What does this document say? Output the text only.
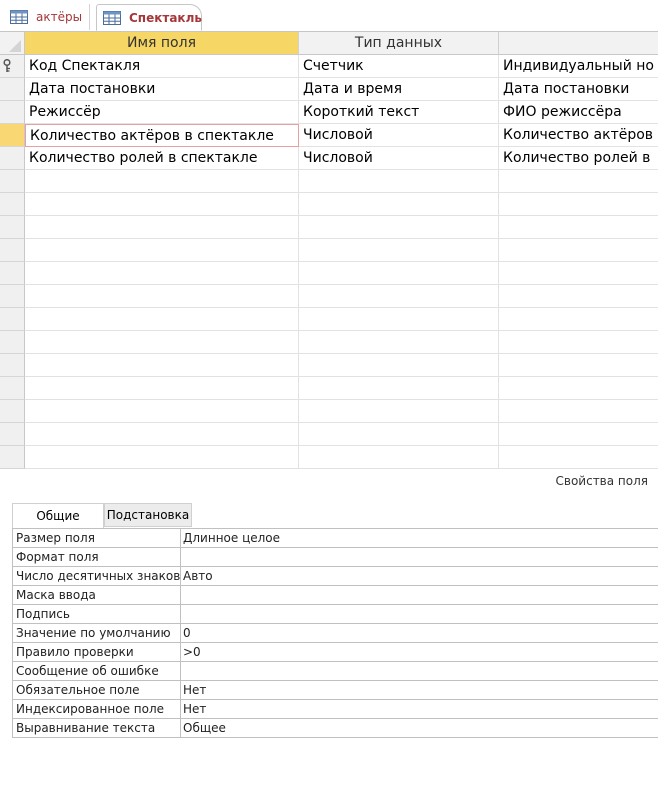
актёры	Спектакль
Имя поля	Тип данных
Код Спектакля	Счетчик	Индивидуальный но
Дата постановки	Дата и время	Дата постановки
Режиссёр	Короткий текст	ФИО режиссёра
Количество актёров в спектакле	Числовой	Количество актёров
Количество ролей в спектакле	Числовой	Количество ролей в
Свойства поля
Общие	Подстановка
Размер поля	Длинное целое
Формат поля
Число десятичных знаков Авто
Маска ввода
Подпись
Значение по умолчанию	0
Правило проверки	>0
Сообщение об ошибке
Обязательное поле	Нет
Индексированное поле	Нет
Выравнивание текста	Общее
